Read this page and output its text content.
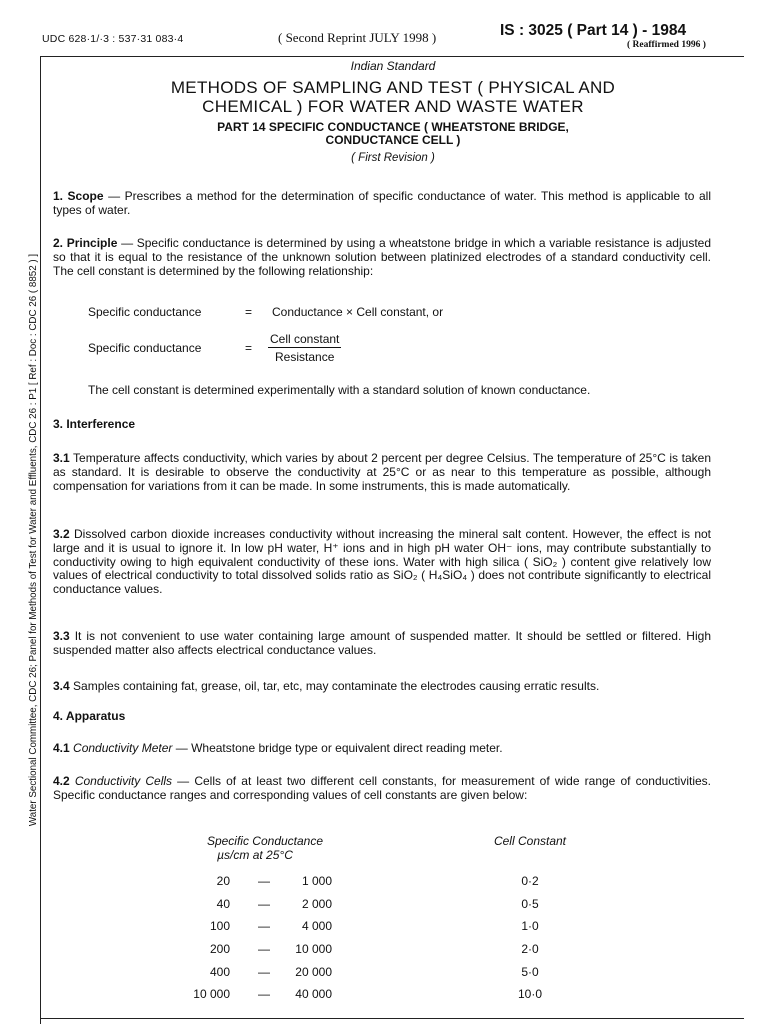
UDC 628·1/·3 : 537·31 083·4	( Second Reprint JULY 1998 )	IS : 3025 ( Part 14 ) - 1984
( Reaffirmed 1996 )
Water Sectional Committee, CDC 26; Panel for Methods of Test for Water and Effluents, CDC 26 : P1 [ Ref : Doc : CDC 26 ( 8852 ) ]
Indian Standard
METHODS OF SAMPLING AND TEST ( PHYSICAL AND
CHEMICAL ) FOR WATER AND WASTE WATER
PART 14 SPECIFIC CONDUCTANCE ( WHEATSTONE BRIDGE,
CONDUCTANCE CELL )
( First Revision )
1. Scope — Prescribes a method for the determination of specific conductance of water. This method is applicable to all types of water.
2. Principle — Specific conductance is determined by using a wheatstone bridge in which a variable resistance is adjusted so that it is equal to the resistance of the unknown solution between platinized electrodes of a standard conductivity cell. The cell constant is determined by the following relationship:
Specific conductance	= Conductance × Cell constant, or
Specific conductance	= $\frac{\text{Cell constant}}{\text{Resistance}}$
The cell constant is determined experimentally with a standard solution of known conductance.
3. Interference
3.1 Temperature affects conductivity, which varies by about 2 percent per degree Celsius. The temperature of 25°C is taken as standard. It is desirable to observe the conductivity at 25°C or as near to this temperature as possible, although compensation for variations from it can be made. In some instruments, this is made automatically.
3.2 Dissolved carbon dioxide increases conductivity without increasing the mineral salt content. However, the effect is not large and it is usual to ignore it. In low pH water, H⁺ ions and in high pH water OH⁻ ions, may contribute substantially to conductivity owing to high equivalent conductivity of these ions. Water with high silica ( SiO₂ ) content give relatively low values of electrical conductivity to total dissolved solids ratio as SiO₂ ( H₄SiO₄ ) does not contribute significantly to electrical conductance values.
3.3 It is not convenient to use water containing large amount of suspended matter. It should be settled or filtered. High suspended matter also affects electrical conductance values.
3.4 Samples containing fat, grease, oil, tar, etc, may contaminate the electrodes causing erratic results.
4. Apparatus
4.1 Conductivity Meter — Wheatstone bridge type or equivalent direct reading meter.
4.2 Conductivity Cells — Cells of at least two different cell constants, for measurement of wide range of conductivities. Specific conductance ranges and corresponding values of cell constants are given below:
Specific Conductance
µs/cm at 25°C
Cell Constant
20	—	1 000	0·2
40	—	2 000	0·5
100	—	4 000	1·0
200	—	10 000	2·0
400	—	20 000	5·0
10 000	—	40 000	10·0
